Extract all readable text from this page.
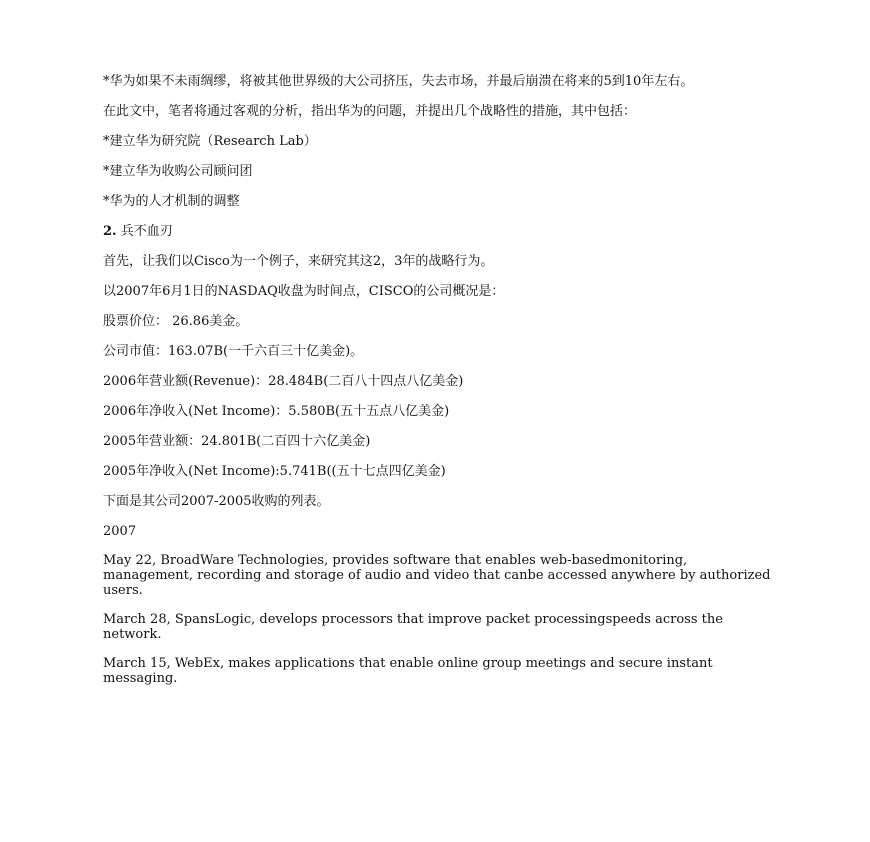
*华为如果不未雨绸缪，将被其他世界级的大公司挤压，失去市场，并最后崩溃在将来的5到10年左右。

在此文中，笔者将通过客观的分析，指出华为的问题，并提出几个战略性的措施，其中包括：

*建立华为研究院（Research Lab）

*建立华为收购公司顾问团

*华为的人才机制的调整

2. 兵不血刃

首先，让我们以Cisco为一个例子，来研究其这2，3年的战略行为。

以2007年6月1日的NASDAQ收盘为时间点，CISCO的公司概况是：

股票价位： 26.86美金。

公司市值：163.07B(一千六百三十亿美金)。

2006年营业额(Revenue)：28.484B(二百八十四点八亿美金)

2006年净收入(Net Income)：5.580B(五十五点八亿美金)

2005年营业额：24.801B(二百四十六亿美金)

2005年净收入(Net Income):5.741B((五十七点四亿美金)

下面是其公司2007-2005收购的列表。

2007

May 22, BroadWare Technologies, provides software that enables web-basedmonitoring, management, recording and storage of audio and video that canbe accessed anywhere by authorized users.

March 28, SpansLogic, develops processors that improve packet processingspeeds across the network.

March 15, WebEx, makes applications that enable online group meetings and secure instant messaging.
